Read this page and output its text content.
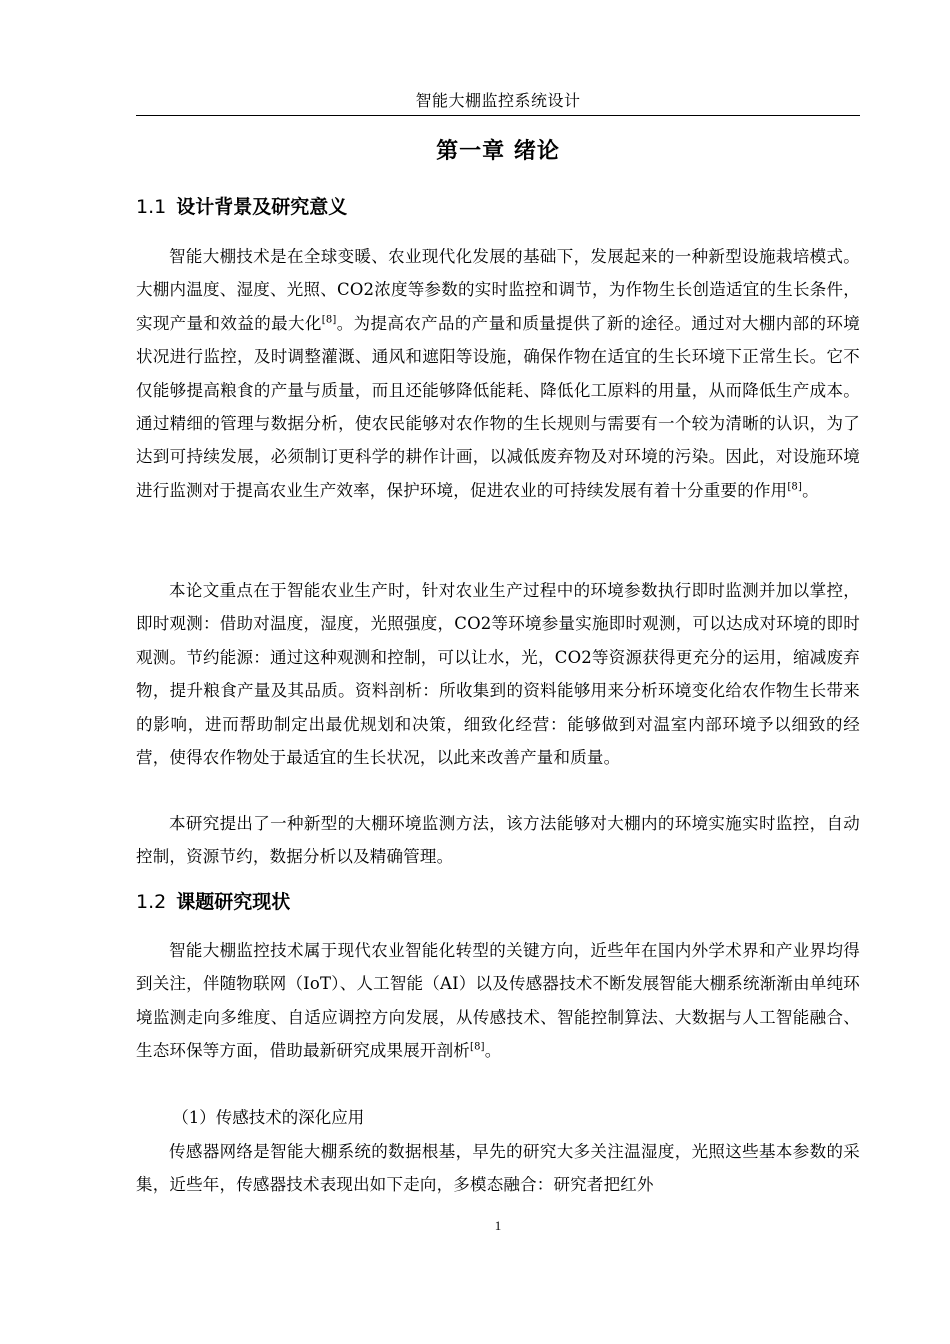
智能大棚监控系统设计
第一章 绪论
1.1 设计背景及研究意义

智能大棚技术是在全球变暖、农业现代化发展的基础下，发展起来的一种新型设施栽培模式。大棚内温度、湿度、光照、CO2浓度等参数的实时监控和调节，为作物生长创造适宜的生长条件，实现产量和效益的最大化[8]。为提高农产品的产量和质量提供了新的途径。通过对大棚内部的环境状况进行监控，及时调整灌溉、通风和遮阳等设施，确保作物在适宜的生长环境下正常生长。它不仅能够提高粮食的产量与质量，而且还能够降低能耗、降低化工原料的用量，从而降低生产成本。通过精细的管理与数据分析，使农民能够对农作物的生长规则与需要有一个较为清晰的认识，为了达到可持续发展，必须制订更科学的耕作计画，以减低废弃物及对环境的污染。因此，对设施环境进行监测对于提高农业生产效率，保护环境，促进农业的可持续发展有着十分重要的作用[8]。

本论文重点在于智能农业生产时，针对农业生产过程中的环境参数执行即时监测并加以掌控，即时观测：借助对温度，湿度，光照强度，CO2等环境参量实施即时观测，可以达成对环境的即时观测。节约能源：通过这种观测和控制，可以让水，光，CO2等资源获得更充分的运用，缩减废弃物，提升粮食产量及其品质。资料剖析：所收集到的资料能够用来分析环境变化给农作物生长带来的影响，进而帮助制定出最优规划和决策，细致化经营：能够做到对温室内部环境予以细致的经营，使得农作物处于最适宜的生长状况，以此来改善产量和质量。

本研究提出了一种新型的大棚环境监测方法，该方法能够对大棚内的环境实施实时监控，自动控制，资源节约，数据分析以及精确管理。

1.2 课题研究现状

智能大棚监控技术属于现代农业智能化转型的关键方向，近些年在国内外学术界和产业界均得到关注，伴随物联网（IoT）、人工智能（AI）以及传感器技术不断发展智能大棚系统渐渐由单纯环境监测走向多维度、自适应调控方向发展，从传感技术、智能控制算法、大数据与人工智能融合、生态环保等方面，借助最新研究成果展开剖析[8]。

（1）传感技术的深化应用

传感器网络是智能大棚系统的数据根基，早先的研究大多关注温湿度，光照这些基本参数的采集，近些年，传感器技术表现出如下走向，多模态融合：研究者把红外

1
